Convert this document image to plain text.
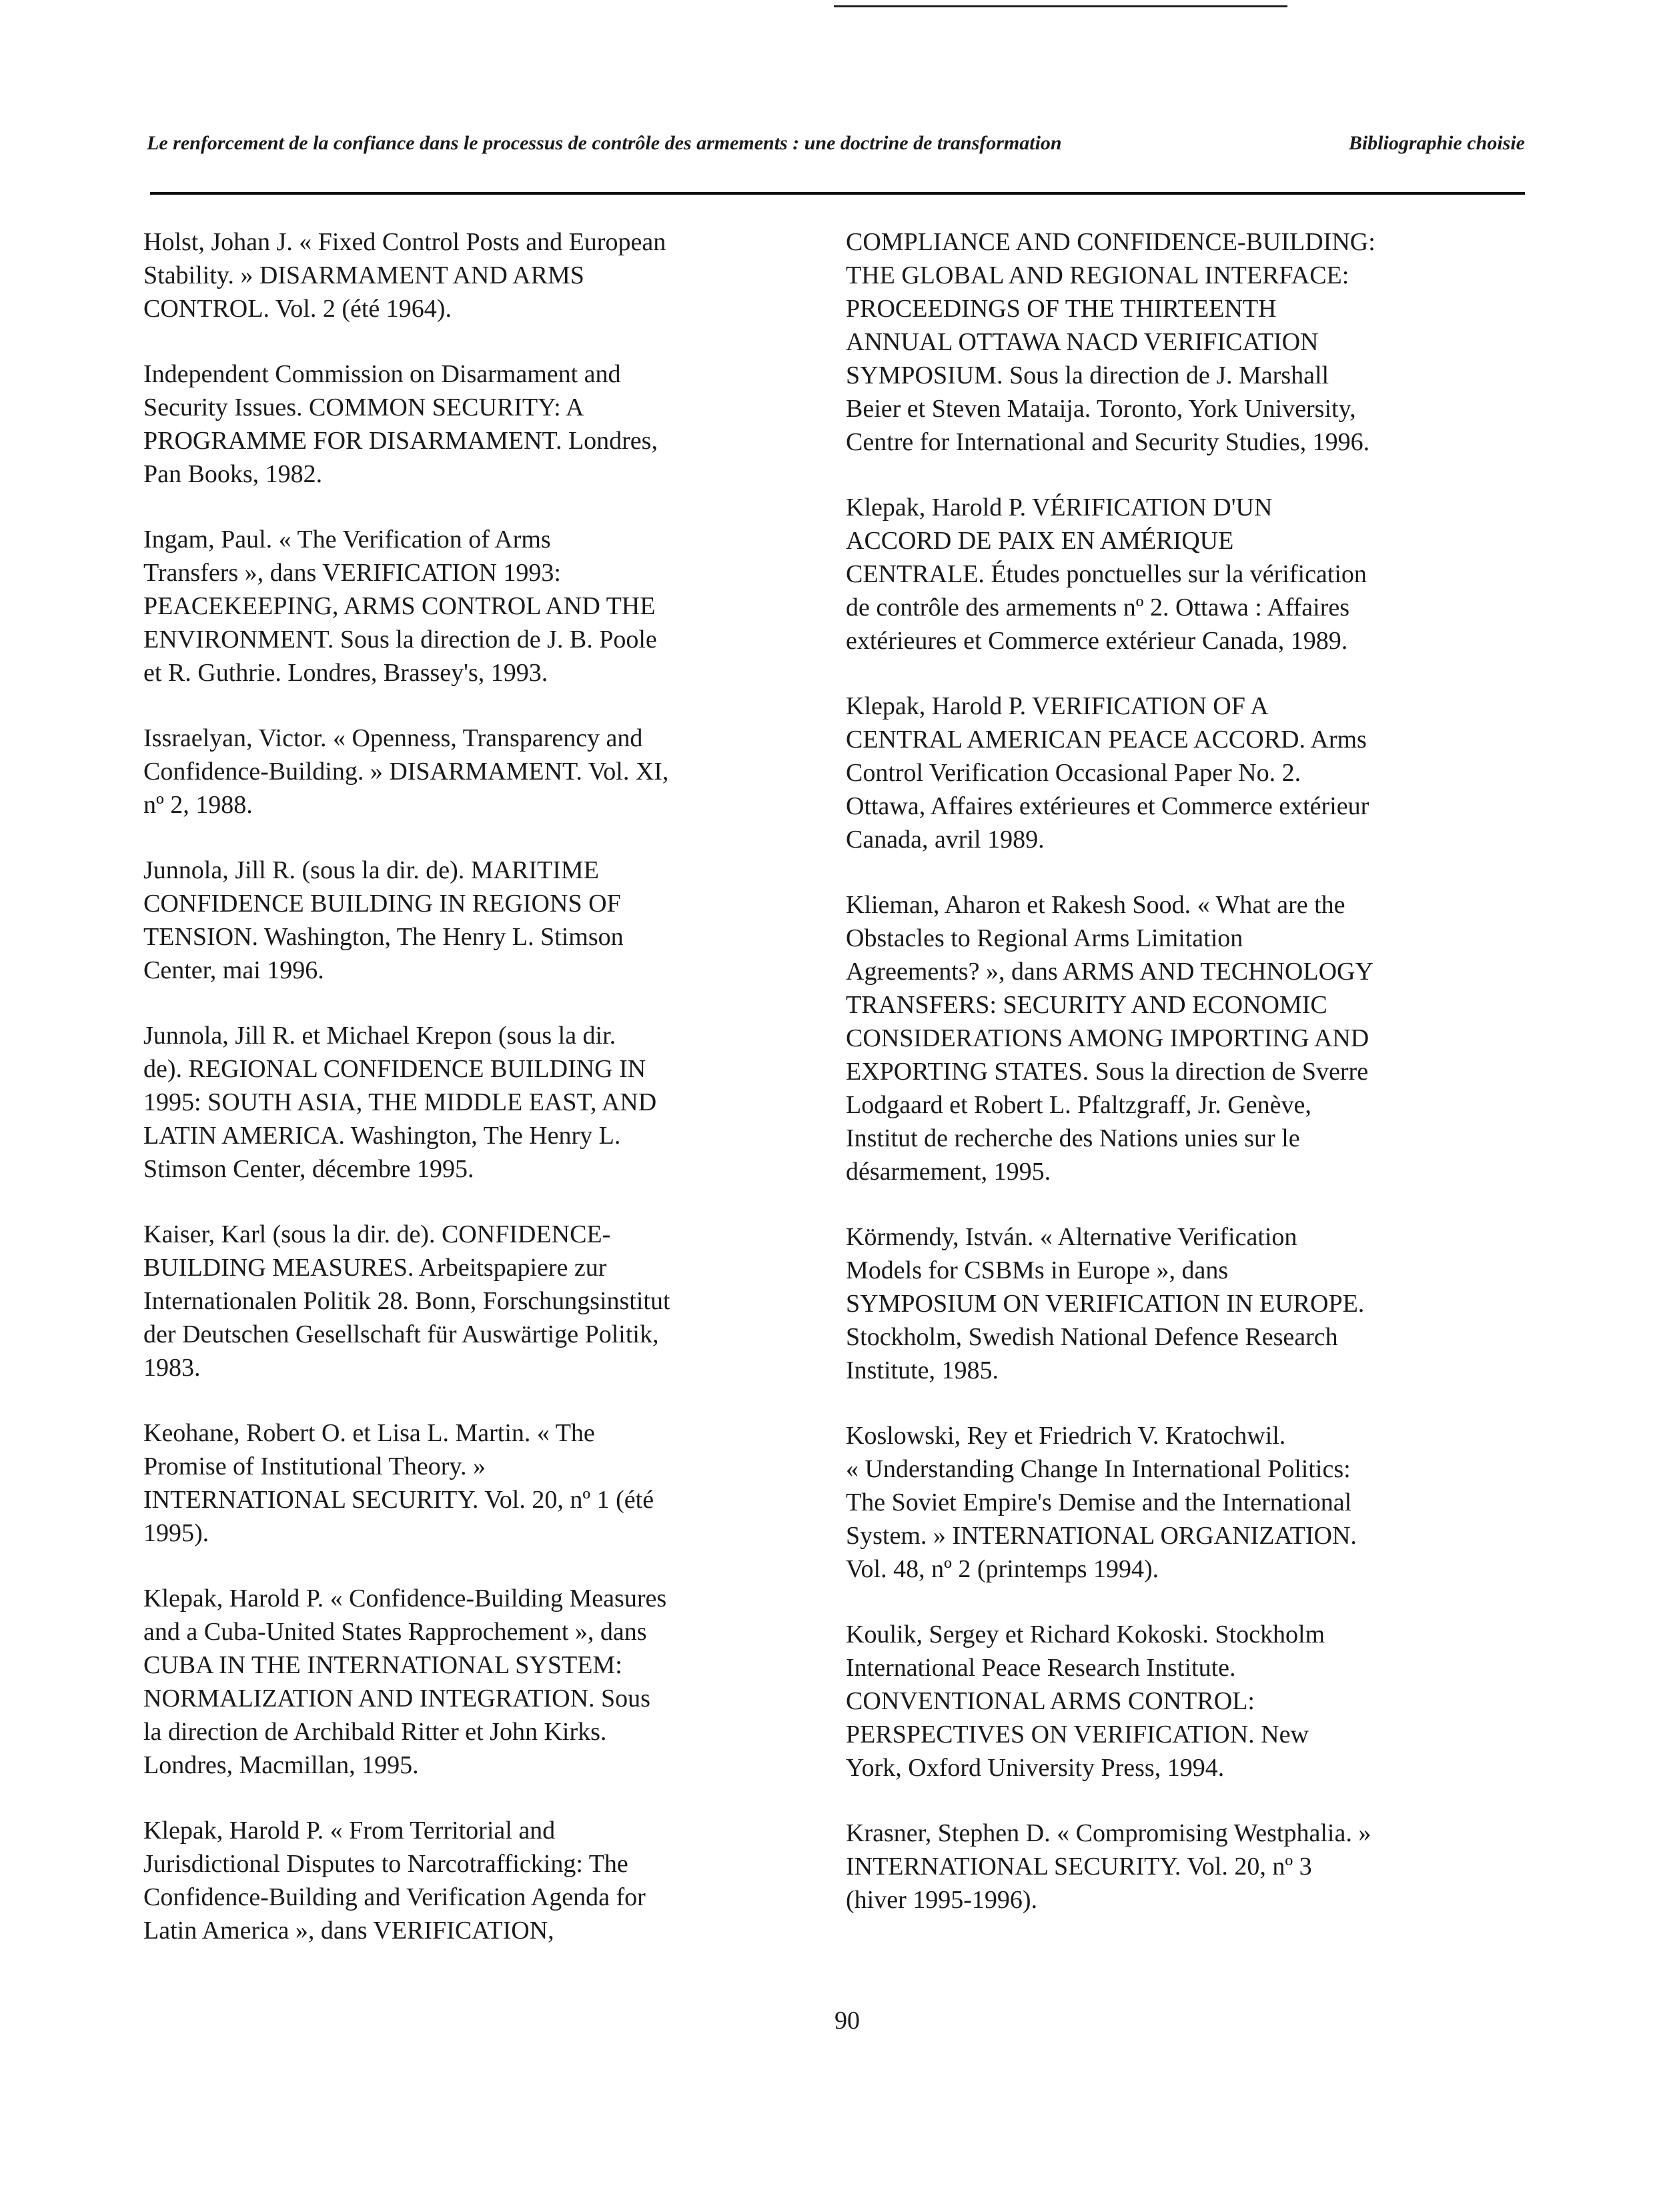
Le renforcement de la confiance dans le processus de contrôle des armements : une doctrine de transformation	Bibliographie choisie

Holst, Johan J. « Fixed Control Posts and European
Stability. » DISARMAMENT AND ARMS
CONTROL. Vol. 2 (été 1964).

Independent Commission on Disarmament and
Security Issues. COMMON SECURITY: A
PROGRAMME FOR DISARMAMENT. Londres,
Pan Books, 1982.

Ingam, Paul. « The Verification of Arms
Transfers », dans VERIFICATION 1993:
PEACEKEEPING, ARMS CONTROL AND THE
ENVIRONMENT. Sous la direction de J. B. Poole
et R. Guthrie. Londres, Brassey's, 1993.

Issraelyan, Victor. « Openness, Transparency and
Confidence-Building. » DISARMAMENT. Vol. XI,
nº 2, 1988.

Junnola, Jill R. (sous la dir. de). MARITIME
CONFIDENCE BUILDING IN REGIONS OF
TENSION. Washington, The Henry L. Stimson
Center, mai 1996.

Junnola, Jill R. et Michael Krepon (sous la dir.
de). REGIONAL CONFIDENCE BUILDING IN
1995: SOUTH ASIA, THE MIDDLE EAST, AND
LATIN AMERICA. Washington, The Henry L.
Stimson Center, décembre 1995.

Kaiser, Karl (sous la dir. de). CONFIDENCE-
BUILDING MEASURES. Arbeitspapiere zur
Internationalen Politik 28. Bonn, Forschungsinstitut
der Deutschen Gesellschaft für Auswärtige Politik,
1983.

Keohane, Robert O. et Lisa L. Martin. « The
Promise of Institutional Theory. »
INTERNATIONAL SECURITY. Vol. 20, nº 1 (été
1995).

Klepak, Harold P. « Confidence-Building Measures
and a Cuba-United States Rapprochement », dans
CUBA IN THE INTERNATIONAL SYSTEM:
NORMALIZATION AND INTEGRATION. Sous
la direction de Archibald Ritter et John Kirks.
Londres, Macmillan, 1995.

Klepak, Harold P. « From Territorial and
Jurisdictional Disputes to Narcotrafficking: The
Confidence-Building and Verification Agenda for
Latin America », dans VERIFICATION,

COMPLIANCE AND CONFIDENCE-BUILDING:
THE GLOBAL AND REGIONAL INTERFACE:
PROCEEDINGS OF THE THIRTEENTH
ANNUAL OTTAWA NACD VERIFICATION
SYMPOSIUM. Sous la direction de J. Marshall
Beier et Steven Mataija. Toronto, York University,
Centre for International and Security Studies, 1996.

Klepak, Harold P. VÉRIFICATION D'UN
ACCORD DE PAIX EN AMÉRIQUE
CENTRALE. Études ponctuelles sur la vérification
de contrôle des armements nº 2. Ottawa : Affaires
extérieures et Commerce extérieur Canada, 1989.

Klepak, Harold P. VERIFICATION OF A
CENTRAL AMERICAN PEACE ACCORD. Arms
Control Verification Occasional Paper No. 2.
Ottawa, Affaires extérieures et Commerce extérieur
Canada, avril 1989.

Klieman, Aharon et Rakesh Sood. « What are the
Obstacles to Regional Arms Limitation
Agreements? », dans ARMS AND TECHNOLOGY
TRANSFERS: SECURITY AND ECONOMIC
CONSIDERATIONS AMONG IMPORTING AND
EXPORTING STATES. Sous la direction de Sverre
Lodgaard et Robert L. Pfaltzgraff, Jr. Genève,
Institut de recherche des Nations unies sur le
désarmement, 1995.

Körmendy, István. « Alternative Verification
Models for CSBMs in Europe », dans
SYMPOSIUM ON VERIFICATION IN EUROPE.
Stockholm, Swedish National Defence Research
Institute, 1985.

Koslowski, Rey et Friedrich V. Kratochwil.
« Understanding Change In International Politics:
The Soviet Empire's Demise and the International
System. » INTERNATIONAL ORGANIZATION.
Vol. 48, nº 2 (printemps 1994).

Koulik, Sergey et Richard Kokoski. Stockholm
International Peace Research Institute.
CONVENTIONAL ARMS CONTROL:
PERSPECTIVES ON VERIFICATION. New
York, Oxford University Press, 1994.

Krasner, Stephen D. « Compromising Westphalia. »
INTERNATIONAL SECURITY. Vol. 20, nº 3
(hiver 1995-1996).

90
